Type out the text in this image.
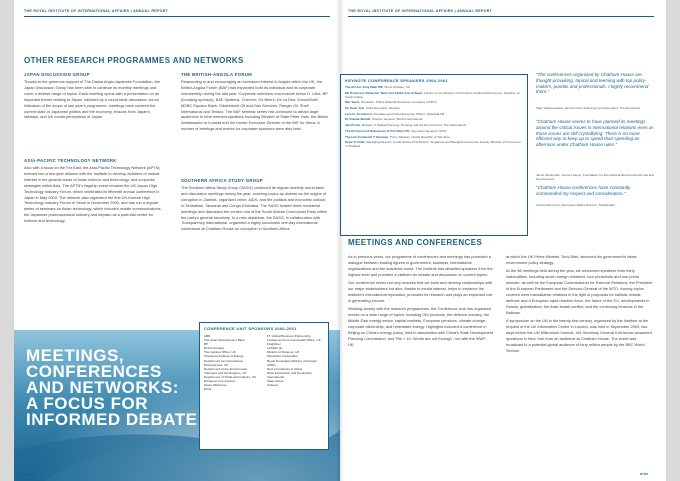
THE ROYAL INSTITUTE OF INTERNATIONAL AFFAIRS | ANNUAL REPORT
OTHER RESEARCH PROGRAMMES AND NETWORKS
JAPAN DISCUSSION GROUP

Thanks to the generous support of The Daiwa Anglo-Japanese Foundation, the Japan Discussion Group has been able to continue its monthly meetings and cover a diverse range of topics. Each meeting opens with a presentation on an important theme relating to Japan, followed by a round-table discussion. As an indication of the scope of last year's programme, meetings have covered the current state of Japanese politics and the economy, lessons from Japan's railways, and UK media perceptions of Japan.

ASIA-PACIFIC TECHNOLOGY NETWORK

Also with a focus on the Far East, the Asia-Pacific Technology Network (APTN) entered into a two-year alliance with the Institute to develop activities of mutual interest in the general areas of Asian science and technology, and corporate strategies within Asia. The APTN's flagship event remains the UK-Japan High Technology Industry Forum, which celebrated its fifteenth annual conference in Japan in May 2000. The network also organized the first UK-Korean High Technology Industry Forum in Seoul in November 2000, and has run a regular series of seminars on Asian technology, which included mobile communications, the Japanese pharmaceutical industry and keiyaku as a potential centre for science and technology.

THE BRITISH-ANGOLA FORUM

Responding to and encouraging an increased interest in Angola within the UK, the British-Angola Forum (BAF) has expanded both its individual and its corporate membership during the last year. Corporate members now include Arthur D. Little, BP (founding sponsor), BAE Systems, Chevron, De Beers, De La Rue, ExxonMobil, MSBC Equator Bank, Oddebrecht Oil and Gas Services, Ranger Oil, Shell International and Texaco. The BAF seminar series has continued to attract large audiences to hear eminent speakers including Minister of State Peter Hain, the British Ambassador to Luanda and the former Executive Director of the IMF for Africa. A number of briefings and events for corporate sponsors were also held.

SOUTHERN AFRICA STUDY GROUP

The Southern Africa Study Group (SASG) continued its regular monthly round-table and discussion meetings during the year, covering topics as diverse as the origins of corruption in Zambia, organized crime, AIDS, and the political and economic outlook in Zimbabwe, Tanzania and Congo-Kinshasa. The SASG hosted three ministerial meetings and discussed the current role of the South African Communist Party within the party's general secretary. In a new departure, the SASG, in collaboration with Transparency International, organized a highly successful one-day international conference at Chatham House on corruption in Southern Africa.

CONFERENCE UNIT SPONSORS 2000-2001
ABB
The Asian Development Bank
BP
British Airways
The Cabinet Office, UK
Chartered Institute of Energy
Department for International Development, UK
Department of the Environment, Transport and the Regions, UK
Department of Trade and Industry, UK
European Commission
Glaxo Wellcome
Ernst
FT Global Business Partnership
Foreign and Commonwealth Office, UK
Kingfisher
LASMO plc
Ministry of Defence, UK
Mitsubishi Corporation
Royal Norwegian Ministry of Foreign Affairs
Nest Companies in China
Shell Exploration and Production International
State Street
Unilever
MEETINGS,
CONFERENCES
AND NETWORKS:
A FOCUS FOR
INFORMED DEBATE
eight
THE ROYAL INSTITUTE OF INTERNATIONAL AFFAIRS | ANNUAL REPORT
KEYNOTE CONFERENCE SPEAKERS 2000-2001
The Rt Hon Tony Blair MP, Prime Minister, UK
HE Professor Pataa bin Tamir bin Abdul Aziz al Saud, Adviser to the Ministry of Petroleum & Mineral Resources, Kingdom of Saudi Arabia
Wei Taoni, President, China National Petroleum Company (CNPC)
Sir Peter Job, Chief Executive, Reuters
Lars G. Josefsson, President and Chief Executive Officer, Vattenfall AB
Dr Claude Mandil, Director General, World International
Jan Pronk, Minister of Spatial Planning, Housing and the Environment, The Netherlands
The Rt Hon Lord Robertson of Port Ellen PC, Secretary General, NATO
The Hon Frederick T. Sumaye, Prime Minister, United Republic of Tanzania
Peter P. Vidal, Managing Director, Credit Suisse First Boston, Singapore and Bangkok and former Deputy Minister of Commerce of Thailand
"The conferences organized by Chatham House are thought-provoking, topical and teeming with top policy-makers, pundits and professionals. I highly recommend them."
Vijay Vaitheeswaran, Environment & Energy Correspondent, The Economist
"Chatham House seems to have planned its meetings around the critical issues in international relations even as those issues are still crystallizing. There is no more efficient way to keep up to speed than spending an afternoon under Chatham House rules."
Jacob Werksman, Senior Lawyer, Foundation for International Environmental Law and Development
"Chatham House conferences have constantly commanded my respect and consideration."
Aran Ireland-Lees, European Affairs Director, TotalFinaElf
MEETINGS AND CONFERENCES

As in previous years, our programme of conferences and meetings has promoted a dialogue between leading figures in government, business, international organizations and the academic world. The Institute has attracted speakers from the highest level and provided a platform for debate and discussion on current topics.

Our conference series not only ensures that we build and develop relationships with our major stakeholders but also, thanks to media interest, helps to enhance the Institute's international reputation, promotes its research and plays an important role in generating income.

Working closely with the research programmes, the Conference Unit has organized events on a wide range of topics, including GM products, the defence industry, the Middle East energy sector, capital markets, European pensions, climate change, corporate citizenship, and renewable energy. Highlights included a conference in Beijing on China's energy policy, held in association with China's State Development Planning Commission, and 'Rio + 10: Words are not Enough', run with the WWF-UK,

at which the UK Prime Minister, Tony Blair, launched his government's latest environment policy strategy.

At the 98 meetings held during the year, we welcomed speakers from thirty nationalities, including seven foreign ministers, four presidents and one prime minister, as well as the European Commissioner for External Relations, the President of the European Parliament and the Director-General of the WTO. Among topics covered were transatlantic relations in the light of proposals for ballistic missile defence and a European rapid reaction force, the future of the EU, developments in Russia, globalization, the Arab-Israeli conflict, and the continuing tensions in the Balkans.

A symposium on the UN in the twenty-first century, organized by the Institute at the request of the UK Information Centre in London, was held in September 2000, two days before the UN Millennium Summit. UN Secretary General Kofi Annan answered questions in New York from an audience at Chatham House. The event was broadcast to a potential global audience of forty million people by the BBC World Service.

nine
